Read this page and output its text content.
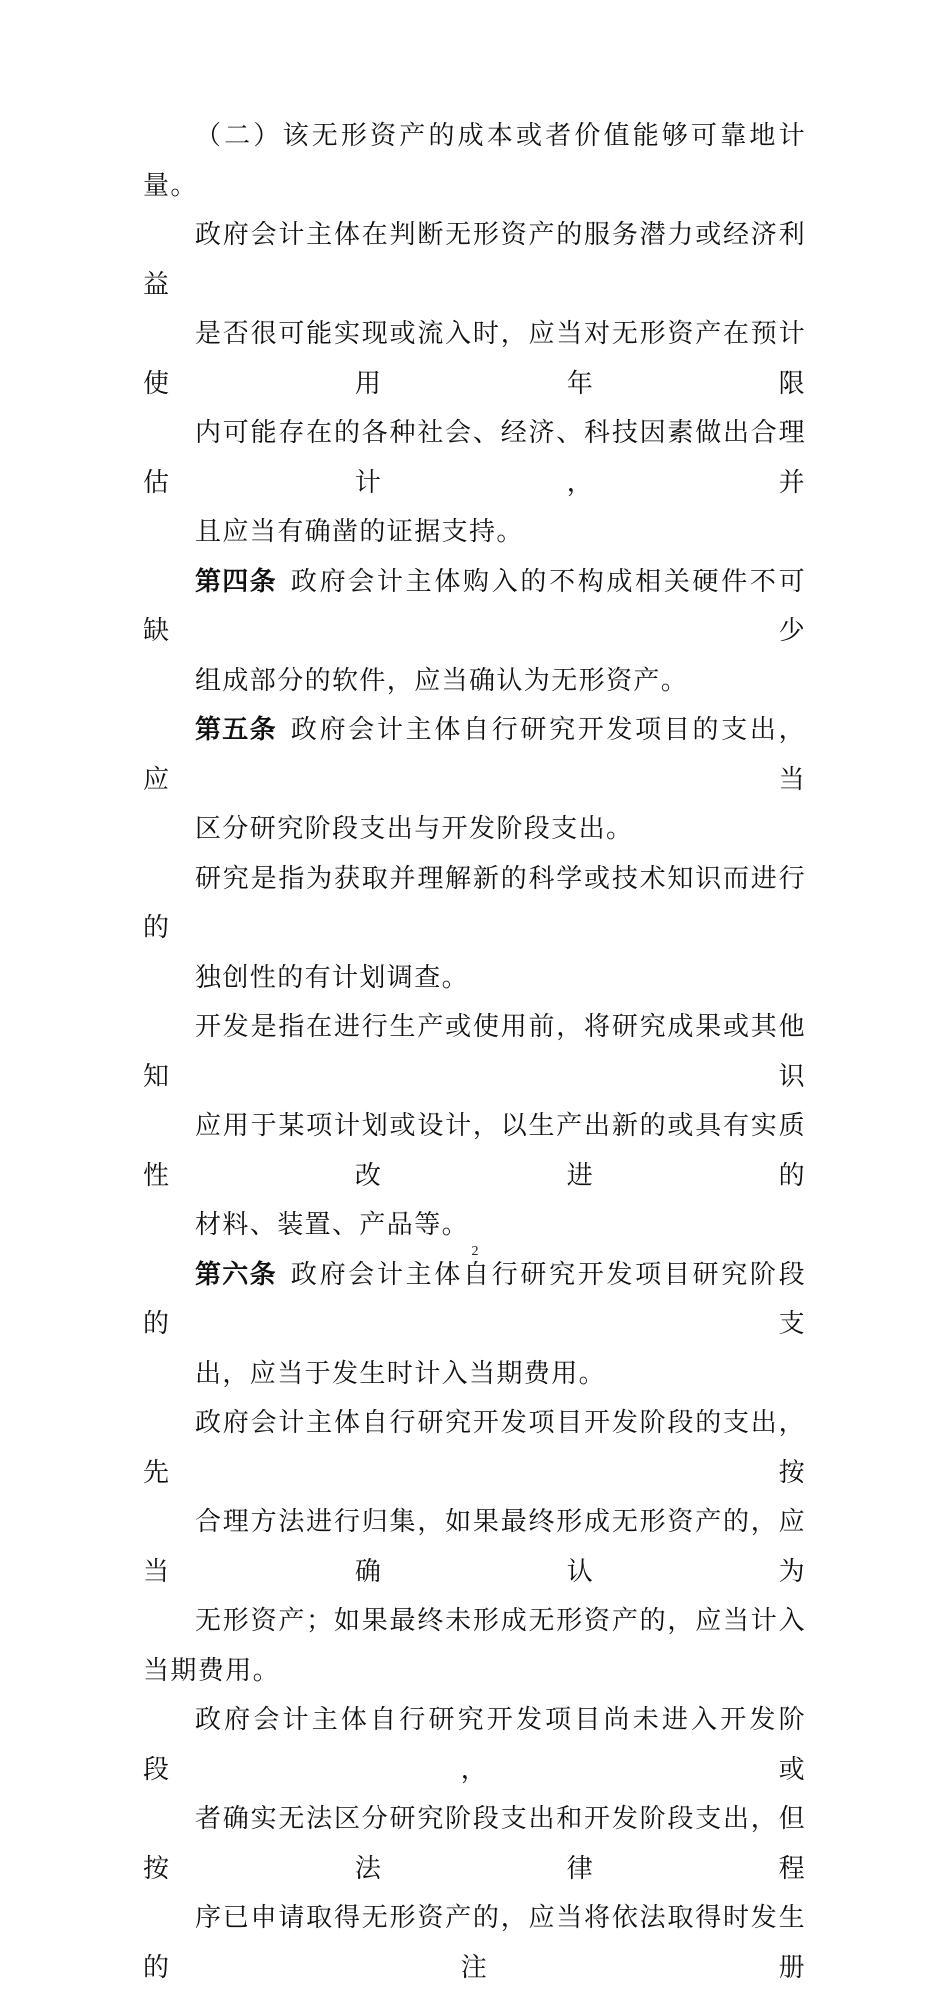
（二）该无形资产的成本或者价值能够可靠地计量。
政府会计主体在判断无形资产的服务潜力或经济利益
是否很可能实现或流入时，应当对无形资产在预计使用年限
内可能存在的各种社会、经济、科技因素做出合理估计，并
且应当有确凿的证据支持。
第四条 政府会计主体购入的不构成相关硬件不可缺少
组成部分的软件，应当确认为无形资产。
第五条 政府会计主体自行研究开发项目的支出，应当
区分研究阶段支出与开发阶段支出。
研究是指为获取并理解新的科学或技术知识而进行的
独创性的有计划调查。
开发是指在进行生产或使用前，将研究成果或其他知识
应用于某项计划或设计，以生产出新的或具有实质性改进的
材料、装置、产品等。
第六条 政府会计主体自行研究开发项目研究阶段的支
出，应当于发生时计入当期费用。
政府会计主体自行研究开发项目开发阶段的支出，先按
合理方法进行归集，如果最终形成无形资产的，应当确认为
无形资产；如果最终未形成无形资产的，应当计入当期费用。
政府会计主体自行研究开发项目尚未进入开发阶段，或
者确实无法区分研究阶段支出和开发阶段支出，但按法律程
序已申请取得无形资产的，应当将依法取得时发生的注册
2
